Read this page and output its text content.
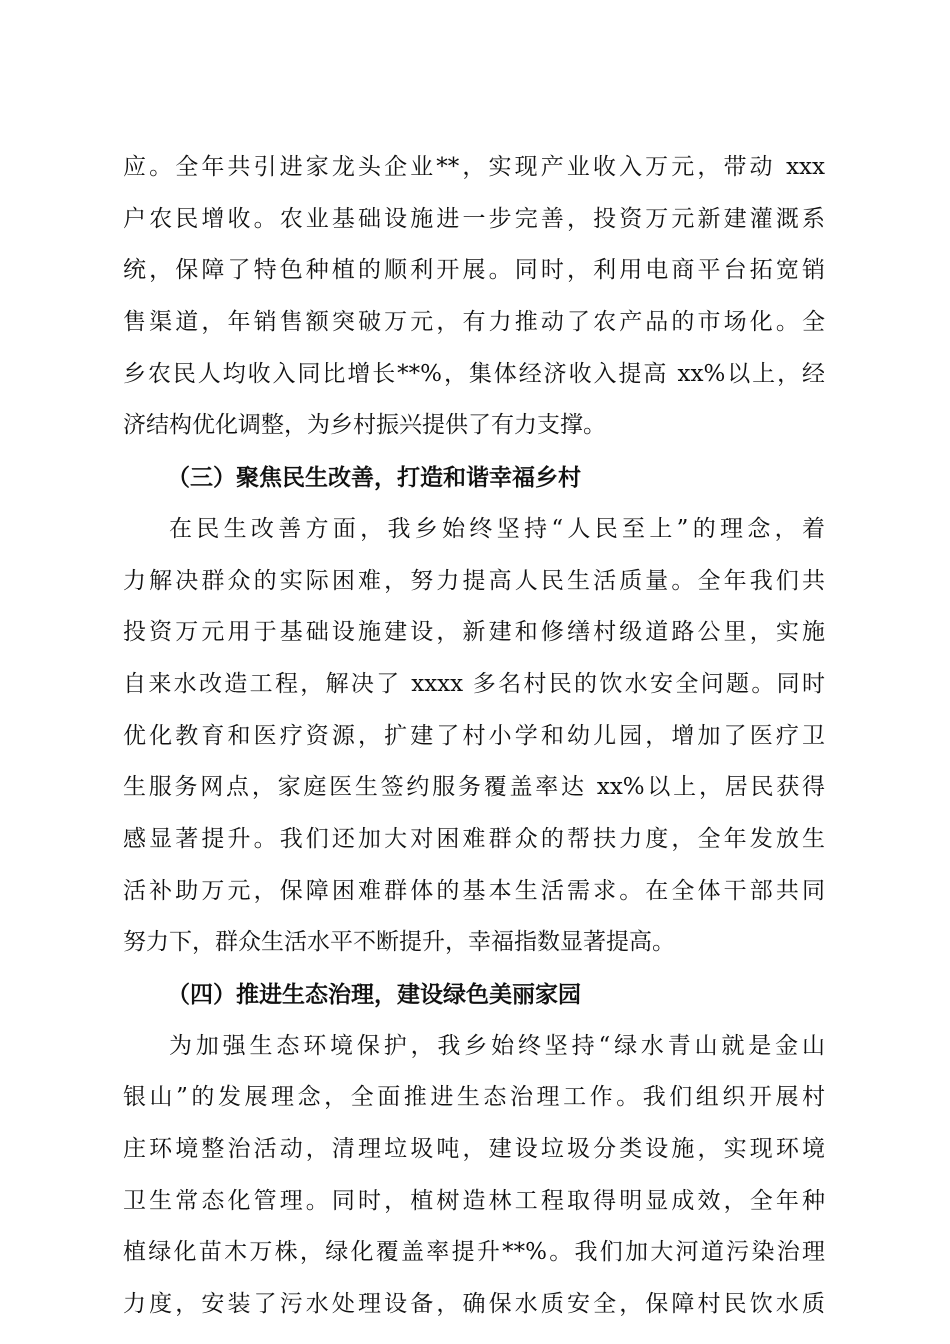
应。全年共引进家龙头企业**，实现产业收入万元，带动 xxx
户农民增收。农业基础设施进一步完善，投资万元新建灌溉系
统，保障了特色种植的顺利开展。同时，利用电商平台拓宽销
售渠道，年销售额突破万元，有力推动了农产品的市场化。全
乡农民人均收入同比增长**%，集体经济收入提高 xx%以上，经
济结构优化调整，为乡村振兴提供了有力支撑。
（三）聚焦民生改善，打造和谐幸福乡村
在民生改善方面，我乡始终坚持“人民至上”的理念，着
力解决群众的实际困难，努力提高人民生活质量。全年我们共
投资万元用于基础设施建设，新建和修缮村级道路公里，实施
自来水改造工程，解决了 xxxx 多名村民的饮水安全问题。同时
优化教育和医疗资源，扩建了村小学和幼儿园，增加了医疗卫
生服务网点，家庭医生签约服务覆盖率达 xx%以上，居民获得
感显著提升。我们还加大对困难群众的帮扶力度，全年发放生
活补助万元，保障困难群体的基本生活需求。在全体干部共同
努力下，群众生活水平不断提升，幸福指数显著提高。
（四）推进生态治理，建设绿色美丽家园
为加强生态环境保护，我乡始终坚持“绿水青山就是金山
银山”的发展理念，全面推进生态治理工作。我们组织开展村
庄环境整治活动，清理垃圾吨，建设垃圾分类设施，实现环境
卫生常态化管理。同时，植树造林工程取得明显成效，全年种
植绿化苗木万株，绿化覆盖率提升**%。我们加大河道污染治理
力度，安装了污水处理设备，确保水质安全，保障村民饮水质
